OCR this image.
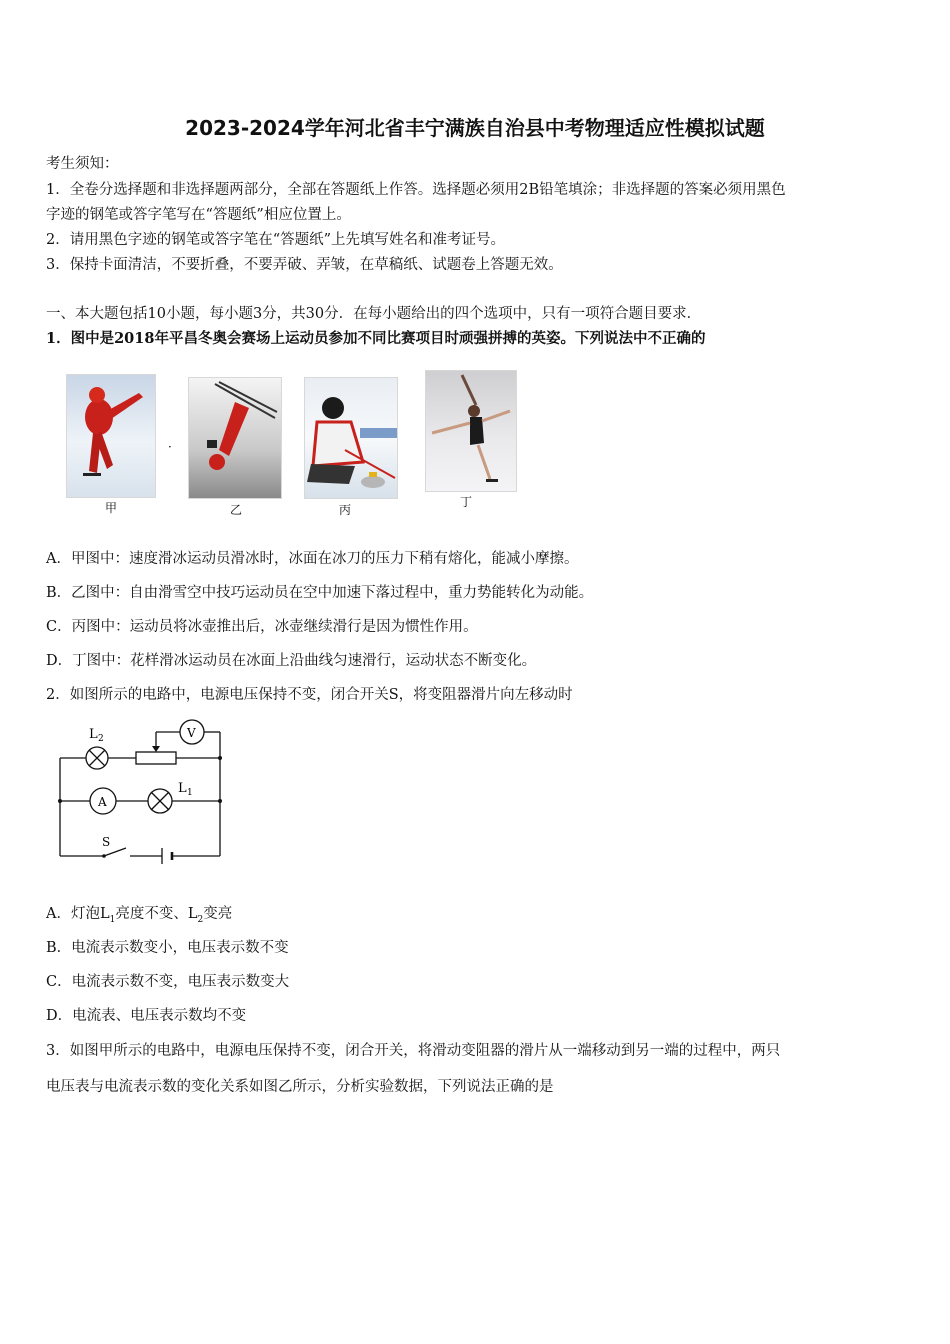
2023-2024学年河北省丰宁满族自治县中考物理适应性模拟试题
考生须知：
1．全卷分选择题和非选择题两部分，全部在答题纸上作答。选择题必须用2B铅笔填涂；非选择题的答案必须用黑色
字迹的钢笔或答字笔写在“答题纸”相应位置上。
2．请用黑色字迹的钢笔或答字笔在“答题纸”上先填写姓名和准考证号。
3．保持卡面清洁，不要折叠，不要弄破、弄皱，在草稿纸、试题卷上答题无效。
一、本大题包括10小题，每小题3分，共30分．在每小题给出的四个选项中，只有一项符合题目要求．
1．图中是2018年平昌冬奥会赛场上运动员参加不同比赛项目时顽强拼搏的英姿。下列说法中不正确的
甲
·
乙	丙
丁
A．甲图中：速度滑冰运动员滑冰时，冰面在冰刀的压力下稍有熔化，能减小摩擦。
B．乙图中：自由滑雪空中技巧运动员在空中加速下落过程中，重力势能转化为动能。
C．丙图中：运动员将冰壶推出后，冰壶继续滑行是因为惯性作用。
D．丁图中：花样滑冰运动员在冰面上沿曲线匀速滑行，运动状态不断变化。
2．如图所示的电路中，电源电压保持不变，闭合开关S，将变阻器滑片向左移动时
L 2	V
A
L 1
S
A．灯泡$L_1$亮度不变、$L_2$变亮
B．电流表示数变小，电压表示数不变
C．电流表示数不变，电压表示数变大
D．电流表、电压表示数均不变
3．如图甲所示的电路中，电源电压保持不变，闭合开关，将滑动变阻器的滑片从一端移动到另一端的过程中，两只
电压表与电流表示数的变化关系如图乙所示，分析实验数据，下列说法正确的是
